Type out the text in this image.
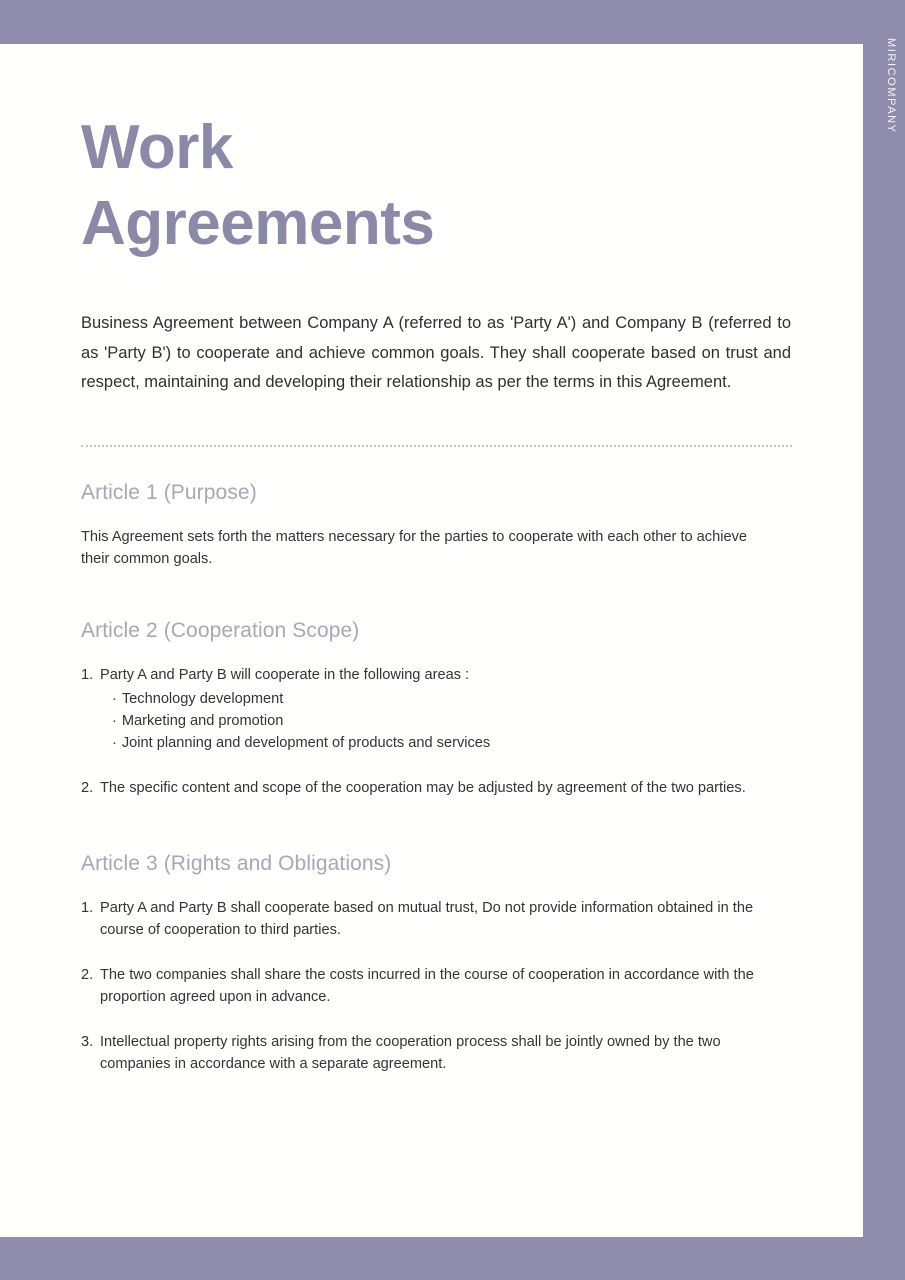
Work
Agreements

Business Agreement between Company A (referred to as 'Party A') and Company B (referred to as 'Party B') to cooperate and achieve common goals. They shall cooperate based on trust and respect, maintaining and developing their relationship as per the terms in this Agreement.

Article 1 (Purpose)

This Agreement sets forth the matters necessary for the parties to cooperate with each other to achieve their common goals.

Article 2 (Cooperation Scope)
1. Party A and Party B will cooperate in the following areas :
· Technology development
· Marketing and promotion
· Joint planning and development of products and services
2. The specific content and scope of the cooperation may be adjusted by agreement of the two parties.
Article 3 (Rights and Obligations)
1. Party A and Party B shall cooperate based on mutual trust, Do not provide information obtained in the course of cooperation to third parties.
2. The two companies shall share the costs incurred in the course of cooperation in accordance with the proportion agreed upon in advance.
3. Intellectual property rights arising from the cooperation process shall be jointly owned by the two companies in accordance with a separate agreement.
MIRICOMPANY
